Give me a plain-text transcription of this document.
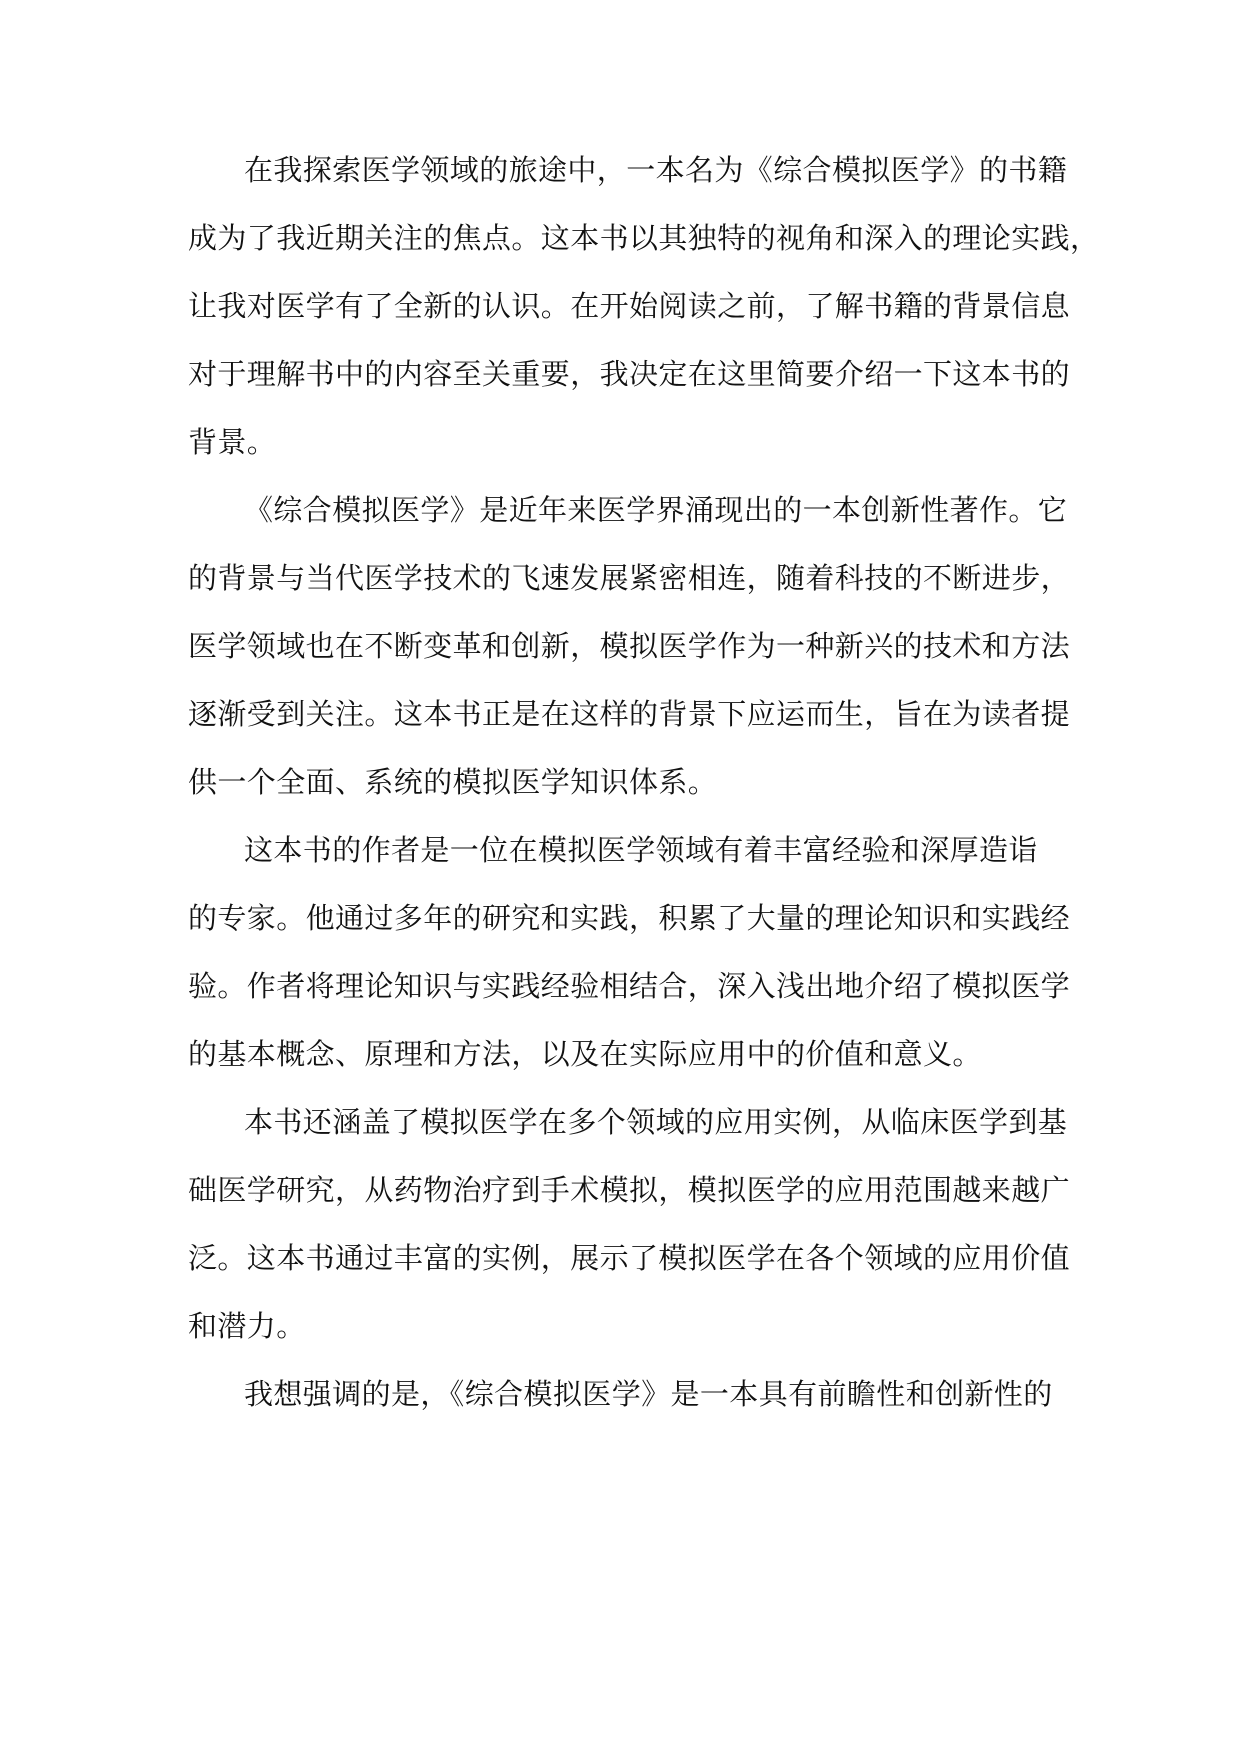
在我探索医学领域的旅途中，一本名为《综合模拟医学》的书籍
成为了我近期关注的焦点。这本书以其独特的视角和深入的理论实践，
让我对医学有了全新的认识。在开始阅读之前，了解书籍的背景信息
对于理解书中的内容至关重要，我决定在这里简要介绍一下这本书的
背景。
《综合模拟医学》是近年来医学界涌现出的一本创新性著作。它
的背景与当代医学技术的飞速发展紧密相连，随着科技的不断进步，
医学领域也在不断变革和创新，模拟医学作为一种新兴的技术和方法
逐渐受到关注。这本书正是在这样的背景下应运而生，旨在为读者提
供一个全面、系统的模拟医学知识体系。
这本书的作者是一位在模拟医学领域有着丰富经验和深厚造诣
的专家。他通过多年的研究和实践，积累了大量的理论知识和实践经
验。作者将理论知识与实践经验相结合，深入浅出地介绍了模拟医学
的基本概念、原理和方法，以及在实际应用中的价值和意义。
本书还涵盖了模拟医学在多个领域的应用实例，从临床医学到基
础医学研究，从药物治疗到手术模拟，模拟医学的应用范围越来越广
泛。这本书通过丰富的实例，展示了模拟医学在各个领域的应用价值
和潜力。
我想强调的是，《综合模拟医学》是一本具有前瞻性和创新性的
